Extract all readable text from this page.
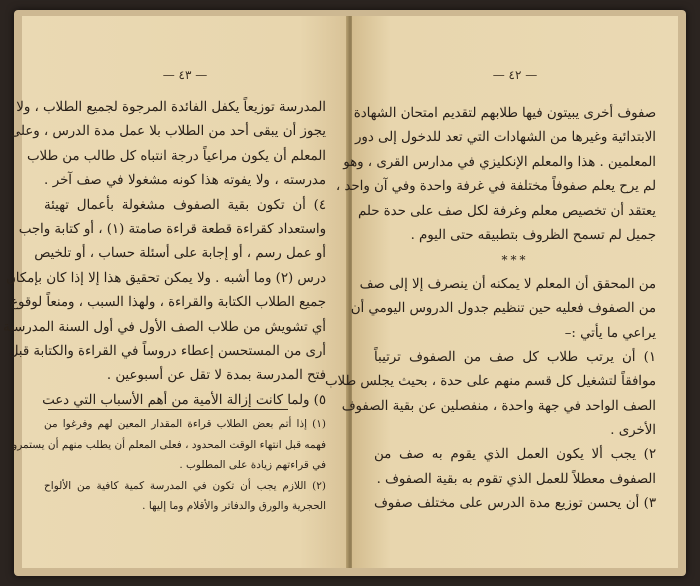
— ٤٣ —
المدرسة توزيعاً يكفل الفائدة المرجوة لجميع الطلاب ، ولا
يجوز أن يبقى أحد من الطلاب بلا عمل مدة الدرس ، وعلى
المعلم أن يكون مراعياً درجة انتباه كل طالب من طلاب
مدرسته ، ولا يفوته هذا كونه مشغولا في صف آخر .
٤) أن تكون بقية الصفوف مشغولة بأعمال تهيئة
واستعداد كقراءة قطعة قراءة صامتة (١) ، أو كتابة واجب
أو عمل رسم ، أو إجابة على أسئلة حساب ، أو تلخيص
درس (٢) وما أشبه . ولا يمكن تحقيق هذا إلا إذا كان بإمكان
جميع الطلاب الكتابة والقراءة ، ولهذا السبب ، ومنعاً لوقوع
أي تشويش من طلاب الصف الأول في أول السنة المدرسية
أرى من المستحسن إعطاء دروساً في القراءة والكتابة قبل
فتح المدرسة بمدة لا تقل عن أسبوعين .
٥) ولما كانت إزالة الأمية من أهم الأسباب التي دعت
(١) إذا أتم بعض الطلاب قراءة المقدار المعين لهم وفرغوا من
فهمه قبل انتهاء الوقت المحدود ، فعلى المعلم أن يطلب منهم أن يستمروا
في قراءتهم زيادة على المطلوب .
(٢) اللازم يجب أن تكون في المدرسة كمية كافية من الألواح
الحجرية والورق والدفاتر والأقلام وما إليها .
— ٤٢ —
صفوف أخرى يبيتون فيها طلابهم لتقديم امتحان الشهادة
الابتدائية وغيرها من الشهادات التي تعد للدخول إلى دور
المعلمين . هذا والمعلم الإنكليزي في مدارس القرى ، وهو
لم يرح يعلم صفوفاً مختلفة في غرفة واحدة وفي آن واحد ،
يعتقد أن تخصيص معلم وغرفة لكل صف على حدة حلم
جميل لم تسمح الظروف بتطبيقه حتى اليوم .
***
من المحقق أن المعلم لا يمكنه أن ينصرف إلا إلى صف
من الصفوف فعليه حين تنظيم جدول الدروس اليومي أن
يراعي ما يأتي :–
١) أن يرتب طلاب كل صف من الصفوف ترتيباً
موافقاً لتشغيل كل قسم منهم على حدة ، بحيث يجلس طلاب
الصف الواحد في جهة واحدة ، منفصلين عن بقية الصفوف
الأخرى .
٢) يجب ألا يكون العمل الذي يقوم به صف من
الصفوف معطلاً للعمل الذي تقوم به بقية الصفوف .
٣) أن يحسن توزيع مدة الدرس على مختلف صفوف
